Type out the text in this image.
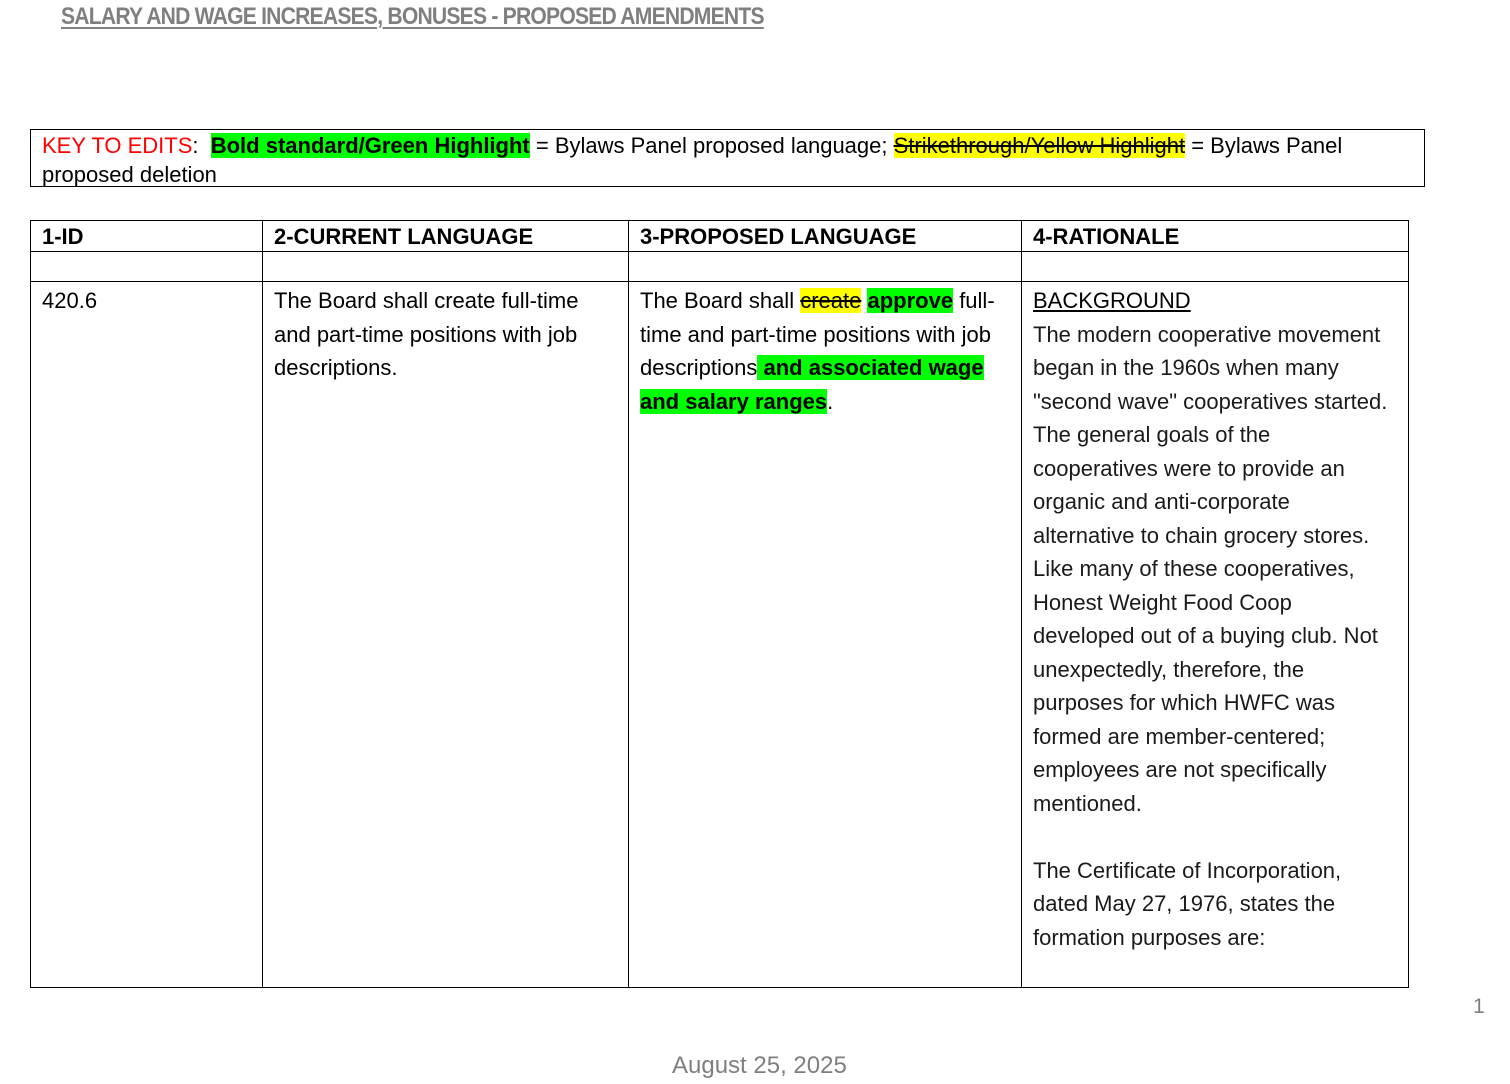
SALARY AND WAGE INCREASES, BONUSES - PROPOSED AMENDMENTS
KEY TO EDITS:  Bold standard/Green Highlight = Bylaws Panel proposed language; Strikethrough/Yellow Highlight = Bylaws Panel proposed deletion
1-ID	2-CURRENT LANGUAGE	3-PROPOSED LANGUAGE	4-RATIONALE

420.6	The Board shall create full-time and part-time positions with job descriptions.	The Board shall create approve full-time and part-time positions with job descriptions and associated wage and salary ranges.	BACKGROUND
The modern cooperative movement began in the 1960s when many "second wave" cooperatives started. The general goals of the cooperatives were to provide an organic and anti-corporate alternative to chain grocery stores. Like many of these cooperatives, Honest Weight Food Coop developed out of a buying club. Not unexpectedly, therefore, the purposes for which HWFC was formed are member-centered; employees are not specifically mentioned.
The Certificate of Incorporation, dated May 27, 1976, states the formation purposes are:
1
August 25, 2025
